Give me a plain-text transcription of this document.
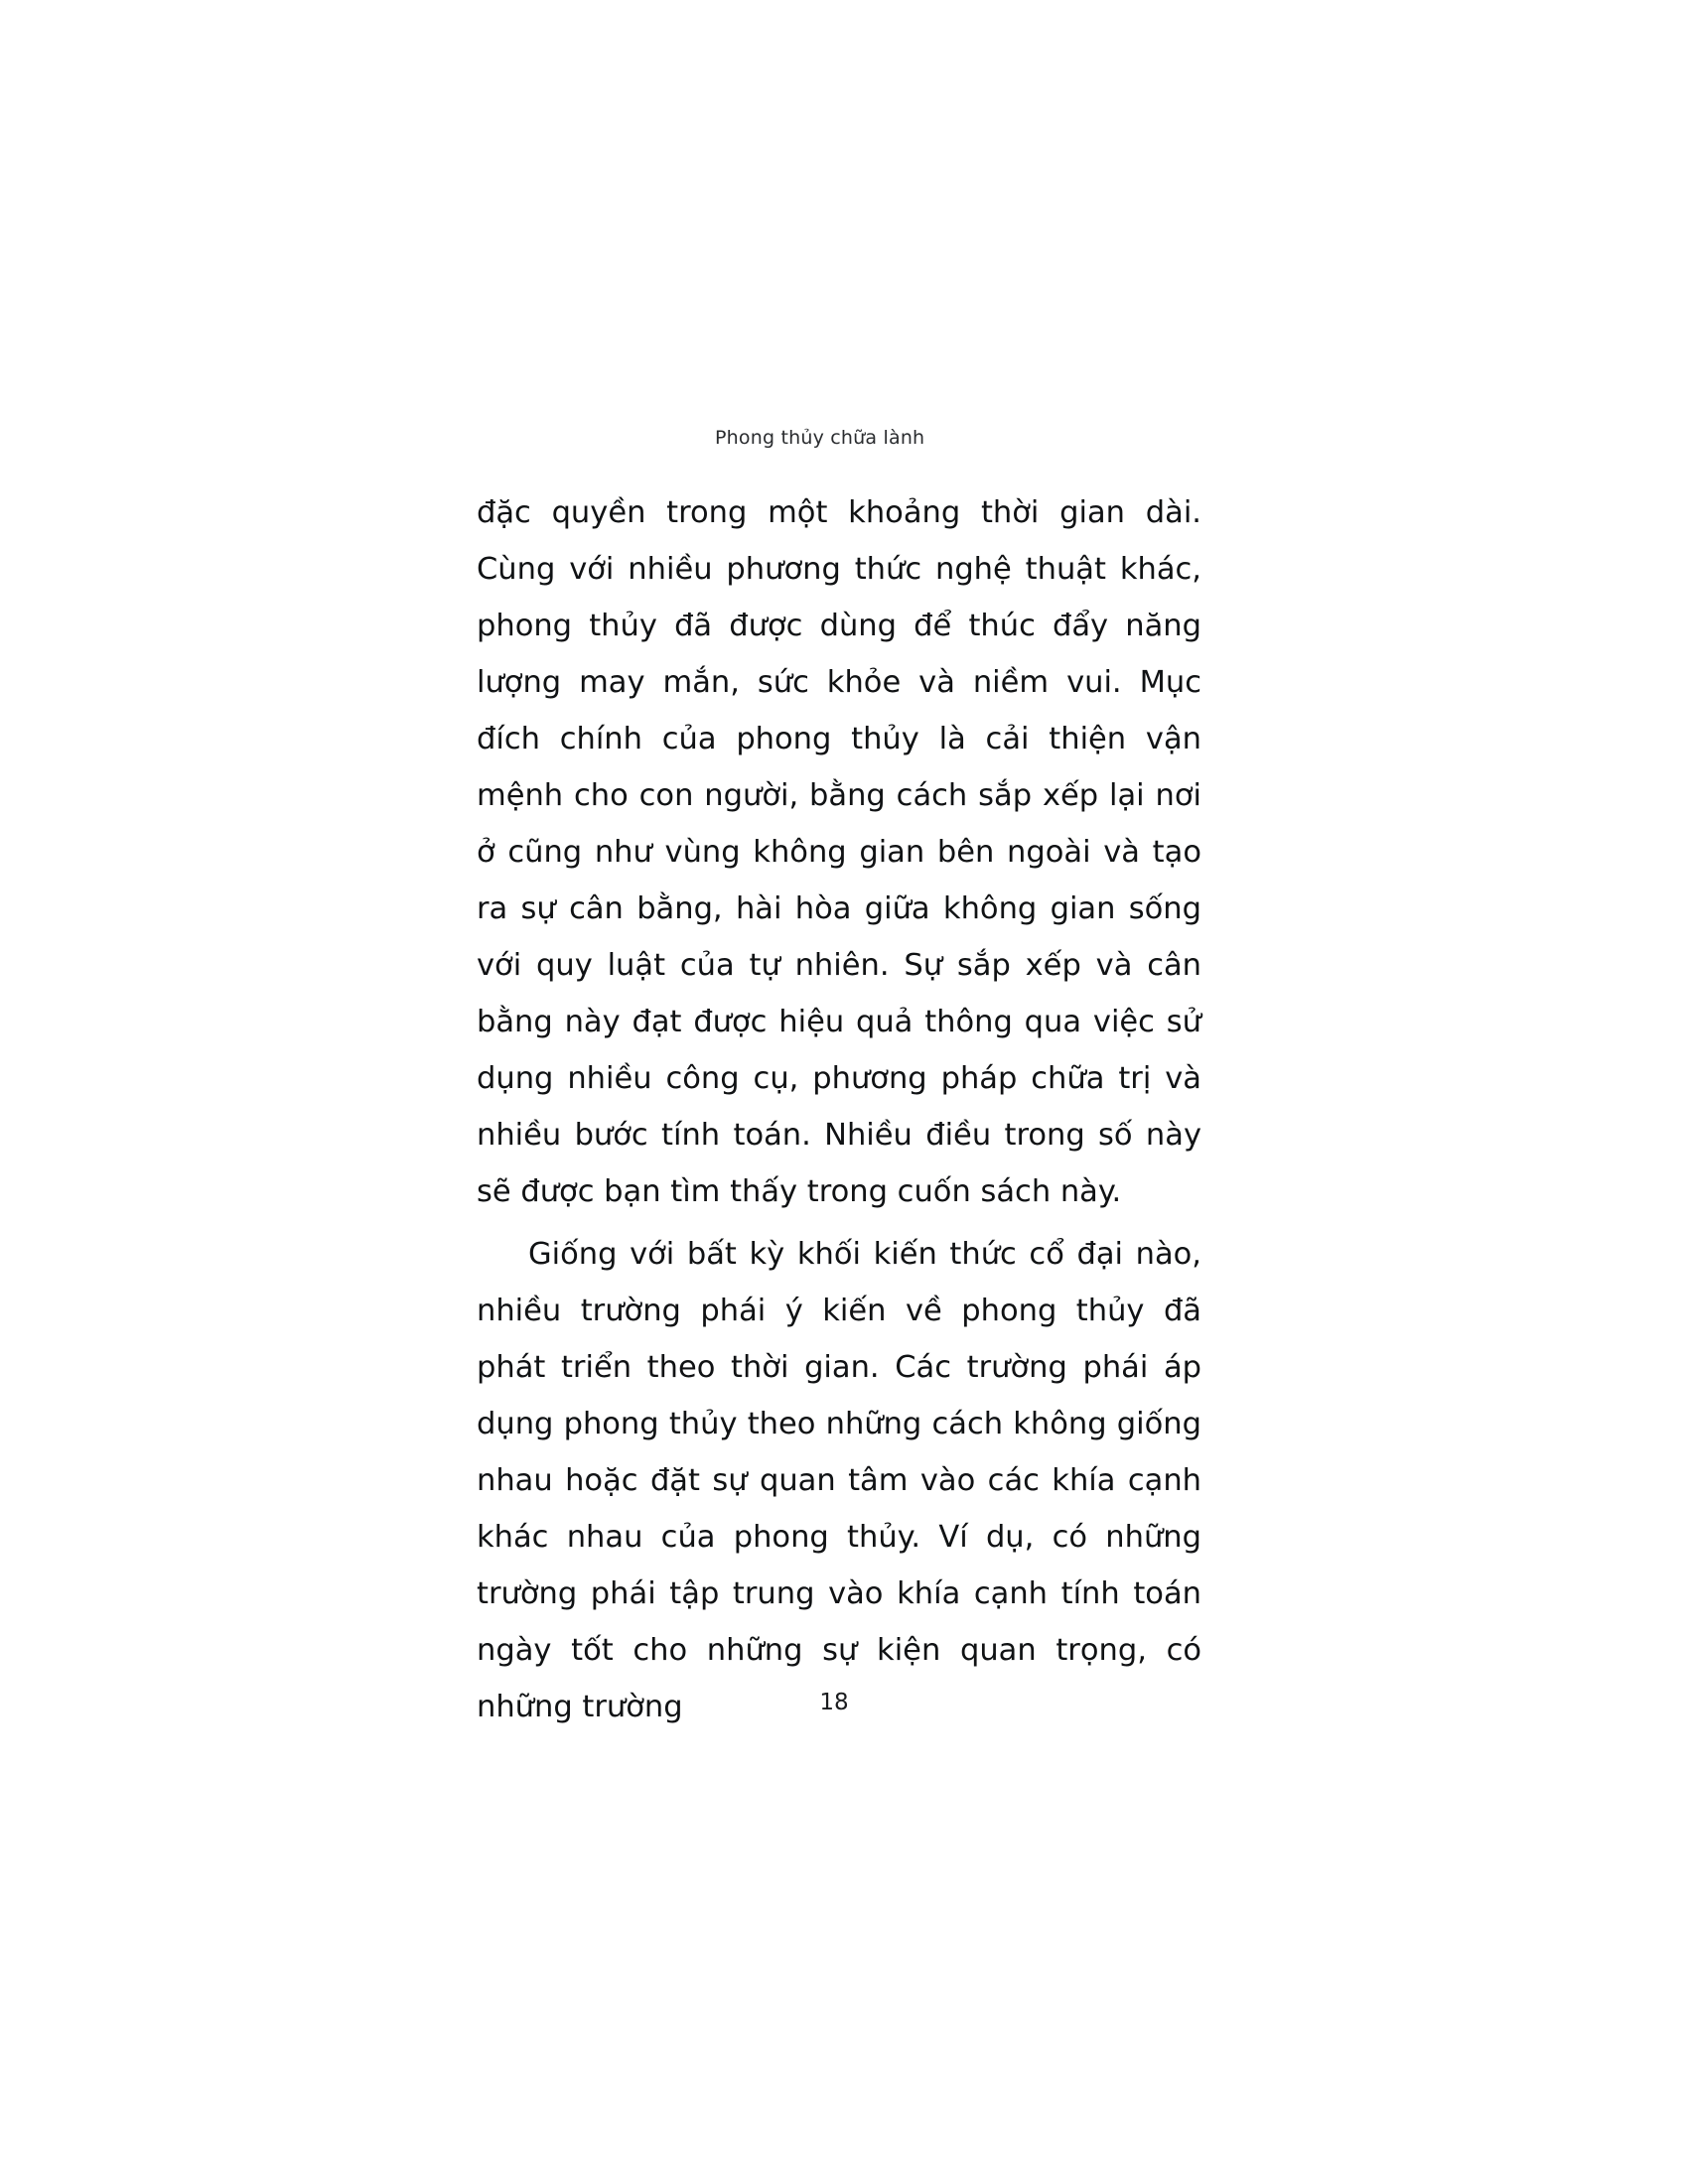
Phong thủy chữa lành

đặc quyền trong một khoảng thời gian dài. Cùng với nhiều phương thức nghệ thuật khác, phong thủy đã được dùng để thúc đẩy năng lượng may mắn, sức khỏe và niềm vui. Mục đích chính của phong thủy là cải thiện vận mệnh cho con người, bằng cách sắp xếp lại nơi ở cũng như vùng không gian bên ngoài và tạo ra sự cân bằng, hài hòa giữa không gian sống với quy luật của tự nhiên. Sự sắp xếp và cân bằng này đạt được hiệu quả thông qua việc sử dụng nhiều công cụ, phương pháp chữa trị và nhiều bước tính toán. Nhiều điều trong số này sẽ được bạn tìm thấy trong cuốn sách này.

Giống với bất kỳ khối kiến thức cổ đại nào, nhiều trường phái ý kiến về phong thủy đã phát triển theo thời gian. Các trường phái áp dụng phong thủy theo những cách không giống nhau hoặc đặt sự quan tâm vào các khía cạnh khác nhau của phong thủy. Ví dụ, có những trường phái tập trung vào khía cạnh tính toán ngày tốt cho những sự kiện quan trọng, có những trường	18
